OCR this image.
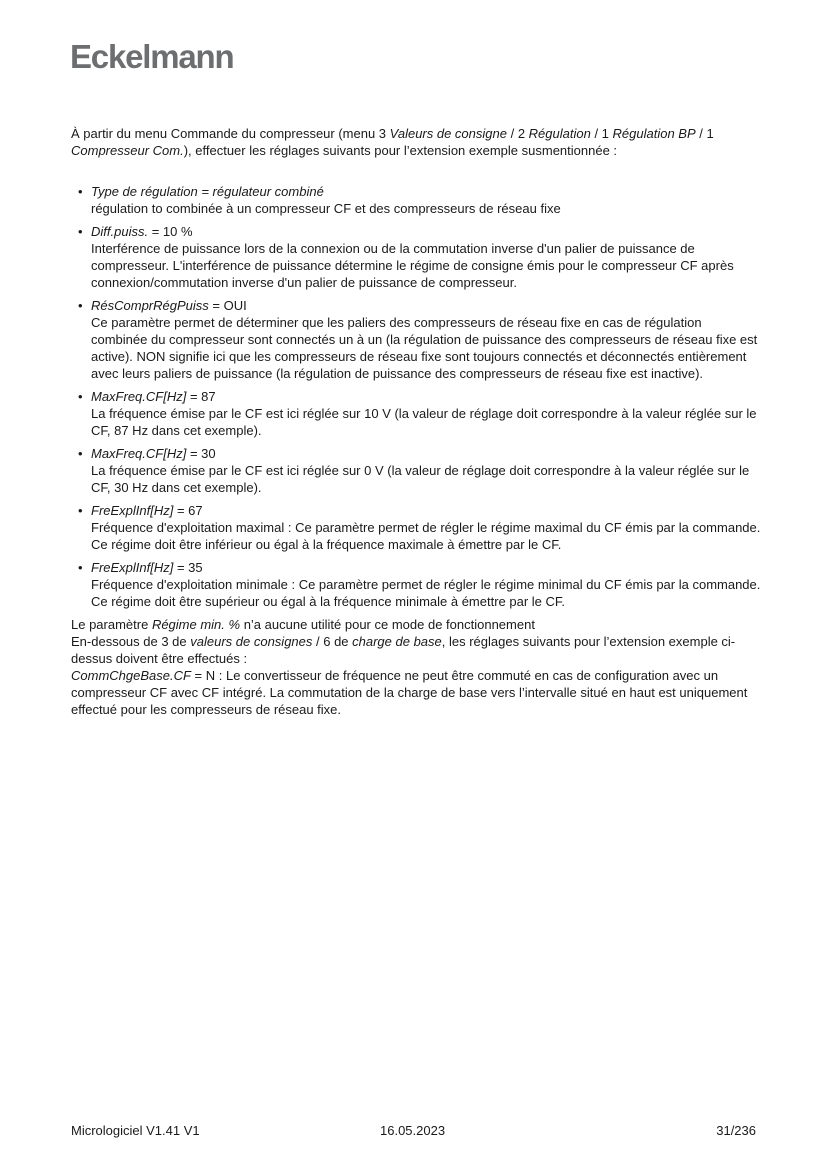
Eckelmann

À partir du menu Commande du compresseur (menu 3 Valeurs de consigne / 2 Régulation / 1 Régulation BP / 1 Compresseur Com.), effectuer les réglages suivants pour l’extension exemple susmentionnée :

• Type de régulation = régulateur combiné
régulation to combinée à un compresseur CF et des compresseurs de réseau fixe
• Diff.puiss. = 10 %
Interférence de puissance lors de la connexion ou de la commutation inverse d'un palier de puissance de compresseur. L'interférence de puissance détermine le régime de consigne émis pour le compresseur CF après connexion/commutation inverse d'un palier de puissance de compresseur.
• RésComprRégPuiss = OUI
Ce paramètre permet de déterminer que les paliers des compresseurs de réseau fixe en cas de régulation combinée du compresseur sont connectés un à un (la régulation de puissance des compresseurs de réseau fixe est active). NON signifie ici que les compresseurs de réseau fixe sont toujours connectés et déconnectés entièrement avec leurs paliers de puissance (la régulation de puissance des compresseurs de réseau fixe est inactive).
• MaxFreq.CF[Hz] = 87
La fréquence émise par le CF est ici réglée sur 10 V (la valeur de réglage doit correspondre à la valeur réglée sur le CF, 87 Hz dans cet exemple).
• MaxFreq.CF[Hz] = 30
La fréquence émise par le CF est ici réglée sur 0 V (la valeur de réglage doit correspondre à la valeur réglée sur le CF, 30 Hz dans cet exemple).
• FreExplInf[Hz] = 67
Fréquence d'exploitation maximal : Ce paramètre permet de régler le régime maximal du CF émis par la commande. Ce régime doit être inférieur ou égal à la fréquence maximale à émettre par le CF.
• FreExplInf[Hz] = 35
Fréquence d'exploitation minimale : Ce paramètre permet de régler le régime minimal du CF émis par la commande. Ce régime doit être supérieur ou égal à la fréquence minimale à émettre par le CF.

Le paramètre Régime min. % n’a aucune utilité pour ce mode de fonctionnement

En-dessous de 3 de valeurs de consignes / 6 de charge de base, les réglages suivants pour l’extension exemple ci-dessus doivent être effectués :

CommChgeBase.CF = N : Le convertisseur de fréquence ne peut être commuté en cas de configuration avec un compresseur CF avec CF intégré. La commutation de la charge de base vers l’intervalle situé en haut est uniquement effectué pour les compresseurs de réseau fixe.

Micrologiciel V1.41 V1	16.05.2023	31/236
